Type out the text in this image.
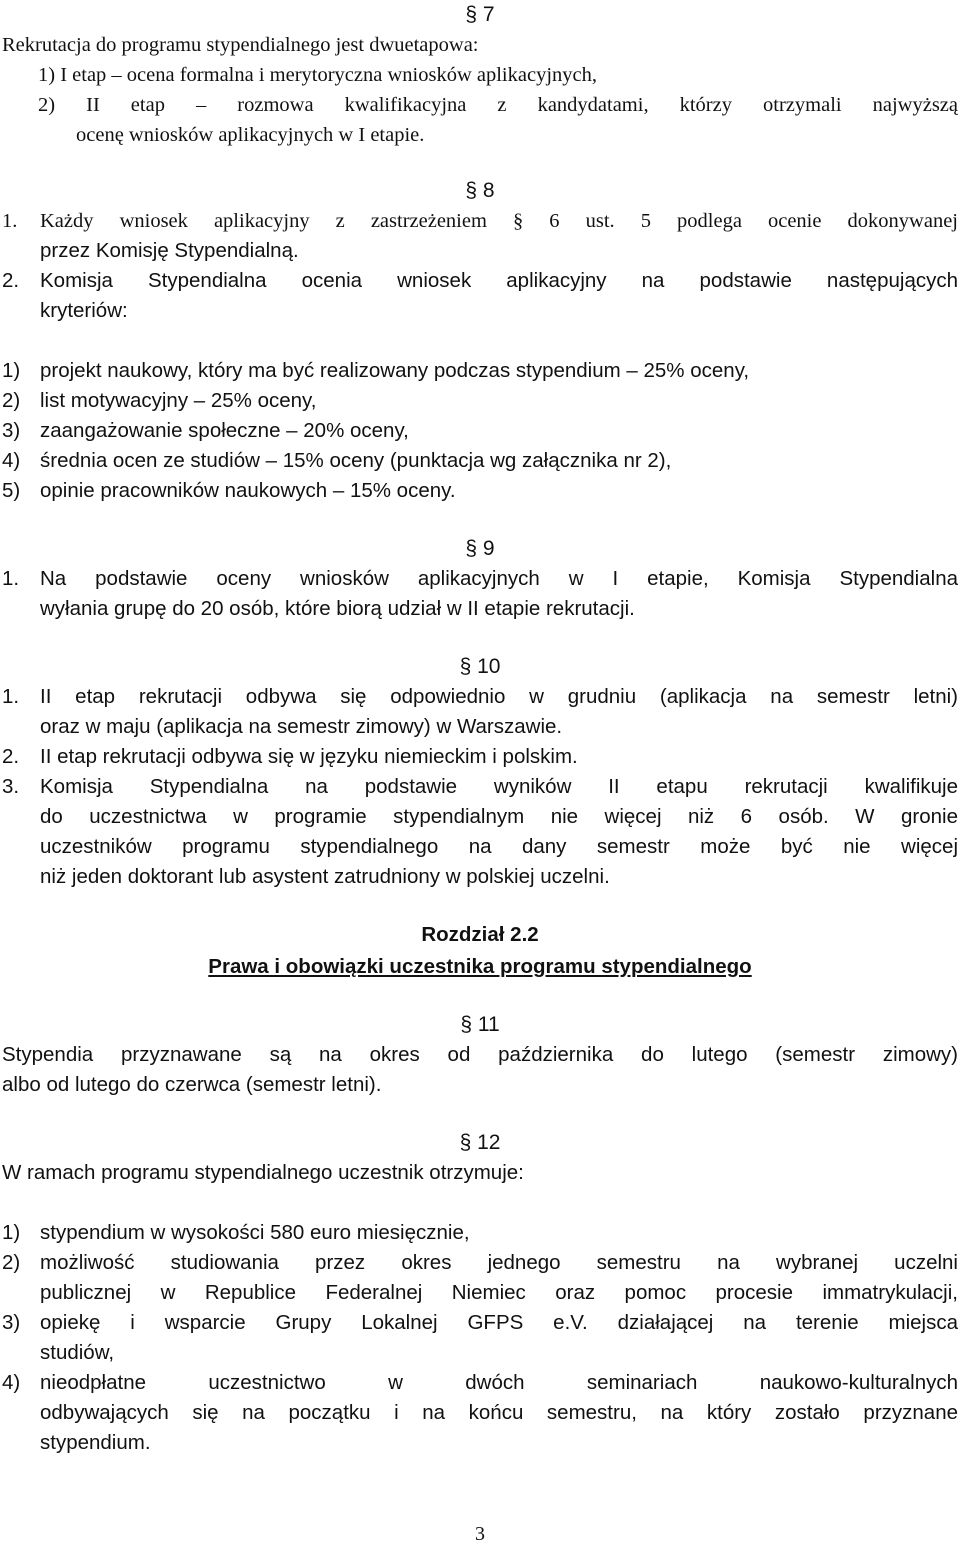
§ 7
Rekrutacja do programu stypendialnego jest dwuetapowa:
1) I etap – ocena formalna i merytoryczna wniosków aplikacyjnych,
2) II etap – rozmowa kwalifikacyjna z kandydatami, którzy otrzymali najwyższą
ocenę wniosków aplikacyjnych w I etapie.
§ 8
1.	Każdy wniosek aplikacyjny z zastrzeżeniem § 6 ust. 5 podlega ocenie dokonywanej
przez Komisję Stypendialną.
2.	Komisja Stypendialna ocenia wniosek aplikacyjny na podstawie następujących
kryteriów:
1) projekt naukowy, który ma być realizowany podczas stypendium – 25% oceny,
2) list motywacyjny – 25% oceny,
3) zaangażowanie społeczne – 20% oceny,
4) średnia ocen ze studiów – 15% oceny (punktacja wg załącznika nr 2),
5) opinie pracowników naukowych – 15% oceny.
§ 9
1.	Na podstawie oceny wniosków aplikacyjnych w I etapie, Komisja Stypendialna
wyłania grupę do 20 osób, które biorą udział w II etapie rekrutacji.
§ 10
1.	II etap rekrutacji odbywa się odpowiednio w grudniu (aplikacja na semestr letni)
oraz w maju (aplikacja na semestr zimowy) w Warszawie.
2.	II etap rekrutacji odbywa się w języku niemieckim i polskim.
3.	Komisja Stypendialna na podstawie wyników II etapu rekrutacji kwalifikuje
do uczestnictwa w programie stypendialnym nie więcej niż 6 osób. W gronie
uczestników programu stypendialnego na dany semestr może być nie więcej
niż jeden doktorant lub asystent zatrudniony w polskiej uczelni.
Rozdział 2.2
Prawa i obowiązki uczestnika programu stypendialnego
§ 11
Stypendia przyznawane są na okres od października do lutego (semestr zimowy)
albo od lutego do czerwca (semestr letni).
§ 12
W ramach programu stypendialnego uczestnik otrzymuje:
1) stypendium w wysokości 580 euro miesięcznie,
2) możliwość studiowania przez okres jednego semestru na wybranej uczelni
publicznej w Republice Federalnej Niemiec oraz pomoc procesie immatrykulacji,
3) opiekę i wsparcie Grupy Lokalnej GFPS e.V. działającej na terenie miejsca
studiów,
4) nieodpłatne uczestnictwo w dwóch seminariach naukowo-kulturalnych
odbywających się na początku i na końcu semestru, na który zostało przyznane
stypendium.
3
